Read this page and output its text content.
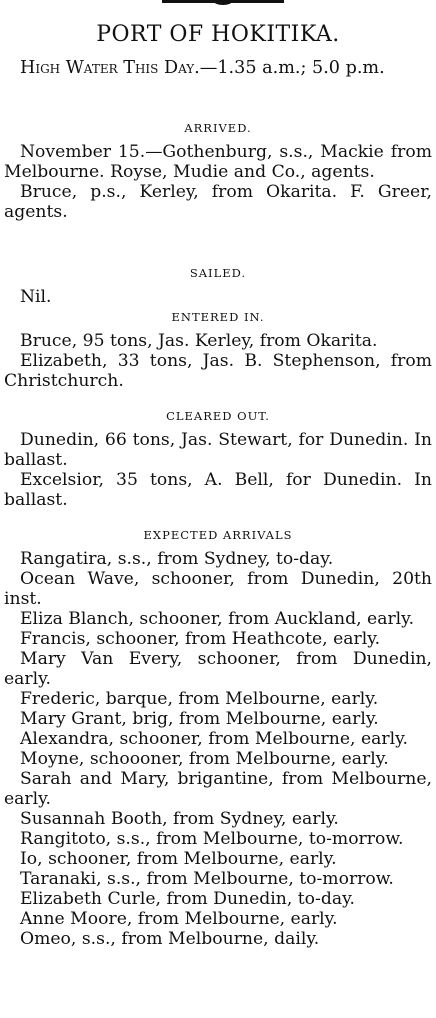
PORT OF HOKITIKA.

High Water This Day.—1.35 a.m.; 5.0 p.m.

ARRIVED.

November 15.—Gothenburg, s.s., Mackie from Melbourne. Royse, Mudie and Co., agents.

Bruce, p.s., Kerley, from Okarita. F. Greer, agents.

SAILED.

Nil.

ENTERED IN.

Bruce, 95 tons, Jas. Kerley, from Okarita.

Elizabeth, 33 tons, Jas. B. Stephenson, from Christchurch.

CLEARED OUT.

Dunedin, 66 tons, Jas. Stewart, for Dunedin. In ballast.

Excelsior, 35 tons, A. Bell, for Dunedin. In ballast.

EXPECTED ARRIVALS

Rangatira, s.s., from Sydney, to-day.

Ocean Wave, schooner, from Dunedin, 20th inst.

Eliza Blanch, schooner, from Auckland, early.

Francis, schooner, from Heathcote, early.

Mary Van Every, schooner, from Dunedin, early.

Frederic, barque, from Melbourne, early.

Mary Grant, brig, from Melbourne, early.

Alexandra, schooner, from Melbourne, early.

Moyne, schoooner, from Melbourne, early.

Sarah and Mary, brigantine, from Melbourne, early.

Susannah Booth, from Sydney, early.

Rangitoto, s.s., from Melbourne, to-morrow.

Io, schooner, from Melbourne, early.

Taranaki, s.s., from Melbourne, to-morrow.

Elizabeth Curle, from Dunedin, to-day.

Anne Moore, from Melbourne, early.

Omeo, s.s., from Melbourne, daily.
